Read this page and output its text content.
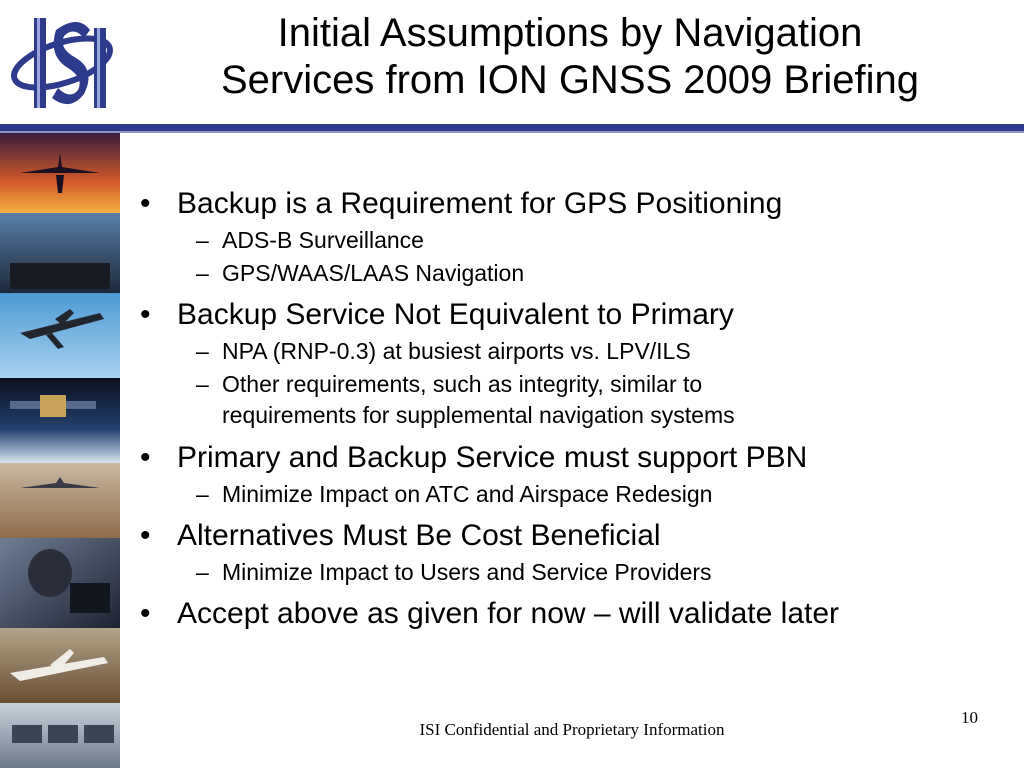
Initial Assumptions by Navigation
Services from ION GNSS 2009 Briefing
• Backup is a Requirement for GPS Positioning
– ADS-B Surveillance
– GPS/WAAS/LAAS Navigation
• Backup Service Not Equivalent to Primary
– NPA (RNP-0.3) at busiest airports vs. LPV/ILS
– Other requirements, such as integrity, similar to requirements for supplemental navigation systems
• Primary and Backup Service must support PBN
– Minimize Impact on ATC and Airspace Redesign
• Alternatives Must Be Cost Beneficial
– Minimize Impact to Users and Service Providers
• Accept above as given for now – will validate later
10
ISI Confidential and Proprietary Information
